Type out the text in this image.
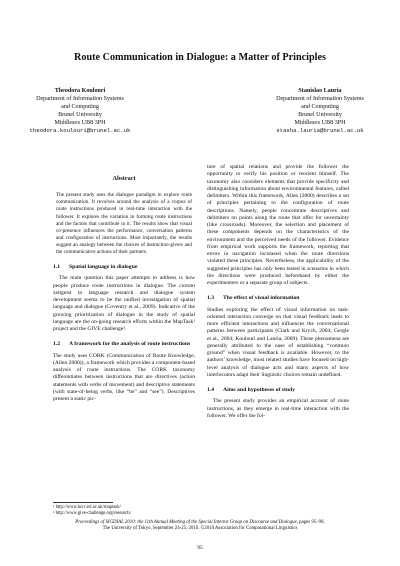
Route Communication in Dialogue: a Matter of Principles
Theodora Koulouri
Department of Information Systems
and Computing
Brunel University
Middlesex UB8 3PH
theodora.koulouri@brunel.ac.uk
Stanislao Lauria
Department of Information Systems
and Computing
Brunel University
Middlesex UB8 3PH
stasha.lauria@brunel.ac.uk
Abstract

The present study uses the dialogue paradigm to explore route communication. It revolves around the analysis of a corpus of route instructions produced in real-time interaction with the follower. It explores the variation in forming route instructions and the factors that contribute in it. The results show that visual co-presence influences the performance, conversation patterns and configuration of instructions. Most importantly, the results suggest an analogy between the choices of instruction-givers and the communicative actions of their partners.

1.1	Spatial language in dialogue

The main question this paper attempts to address is how people produce route instructions in dialogue. The current zeitgeist in language research and dialogue system development seems to be the unified investigation of spatial language and dialogue (Coventry et al., 2009). Indicative of the growing prioritization of dialogue in the study of spatial language are the on-going research efforts within the MapTask¹ project and the GIVE challenge².

1.2	A framework for the analysis of route instructions

The study uses CORK (Communication of Route Knowledge, (Allen 2000)), a framework which provides a component-based analysis of route instructions. The CORK taxonomy differentiates between instructions that are directives (action statements with verbs of movement) and descriptive statements (with state-of-being verbs, like “be” and “see”). Descriptives present a static pic-

¹ http://www.hcrc.ed.ac.uk/maptask/
² http://www.give-challenge.org/research/

ture of spatial relations and provide the follower the opportunity to verify his position or reorient himself. The taxonomy also considers elements that provide specificity and distinguishing information about environmental features, called delimiters. Within this framework, Allen (2000) describes a set of principles pertaining to the configuration of route descriptions. Namely, people concentrate descriptives and delimiters on points along the route that offer for uncertainty (like crossroads). Moreover, the selection and placement of these components depends on the characteristics of the environment and the perceived needs of the follower. Evidence from empirical work supports the framework, reporting that errors in navigation increased when the route directions violated these principles. Nevertheless, the applicability of the suggested principles has only been tested in scenarios in which the directions were produced beforehand by either the experimenters or a separate group of subjects.

1.3	The effect of visual information

Studies exploring the effect of visual information on task-oriented interaction converge on that visual feedback leads to more efficient interactions and influences the conversational patterns between participants (Clark and Krych, 2004; Gergle et al., 2004; Koulouri and Lauria, 2009). These phenomena are generally attributed to the ease of establishing “common ground” when visual feedback is available. However, to the authors’ knowledge, most related studies have focused on high-level analysis of dialogue acts and many aspects of how interlocutors adapt their linguistic choices remain undefined.

1.4	Aims and hypotheses of study

The present study provides an empirical account of route instructions, as they emerge in real-time interaction with the follower. We offer the fol-

Proceedings of SIGDIAL 2010: the 11th Annual Meeting of the Special Interest Group on Discourse and Dialogue, pages 95–98,
The University of Tokyo, September 24-25, 2010. ©2010 Association for Computational Linguistics
95
